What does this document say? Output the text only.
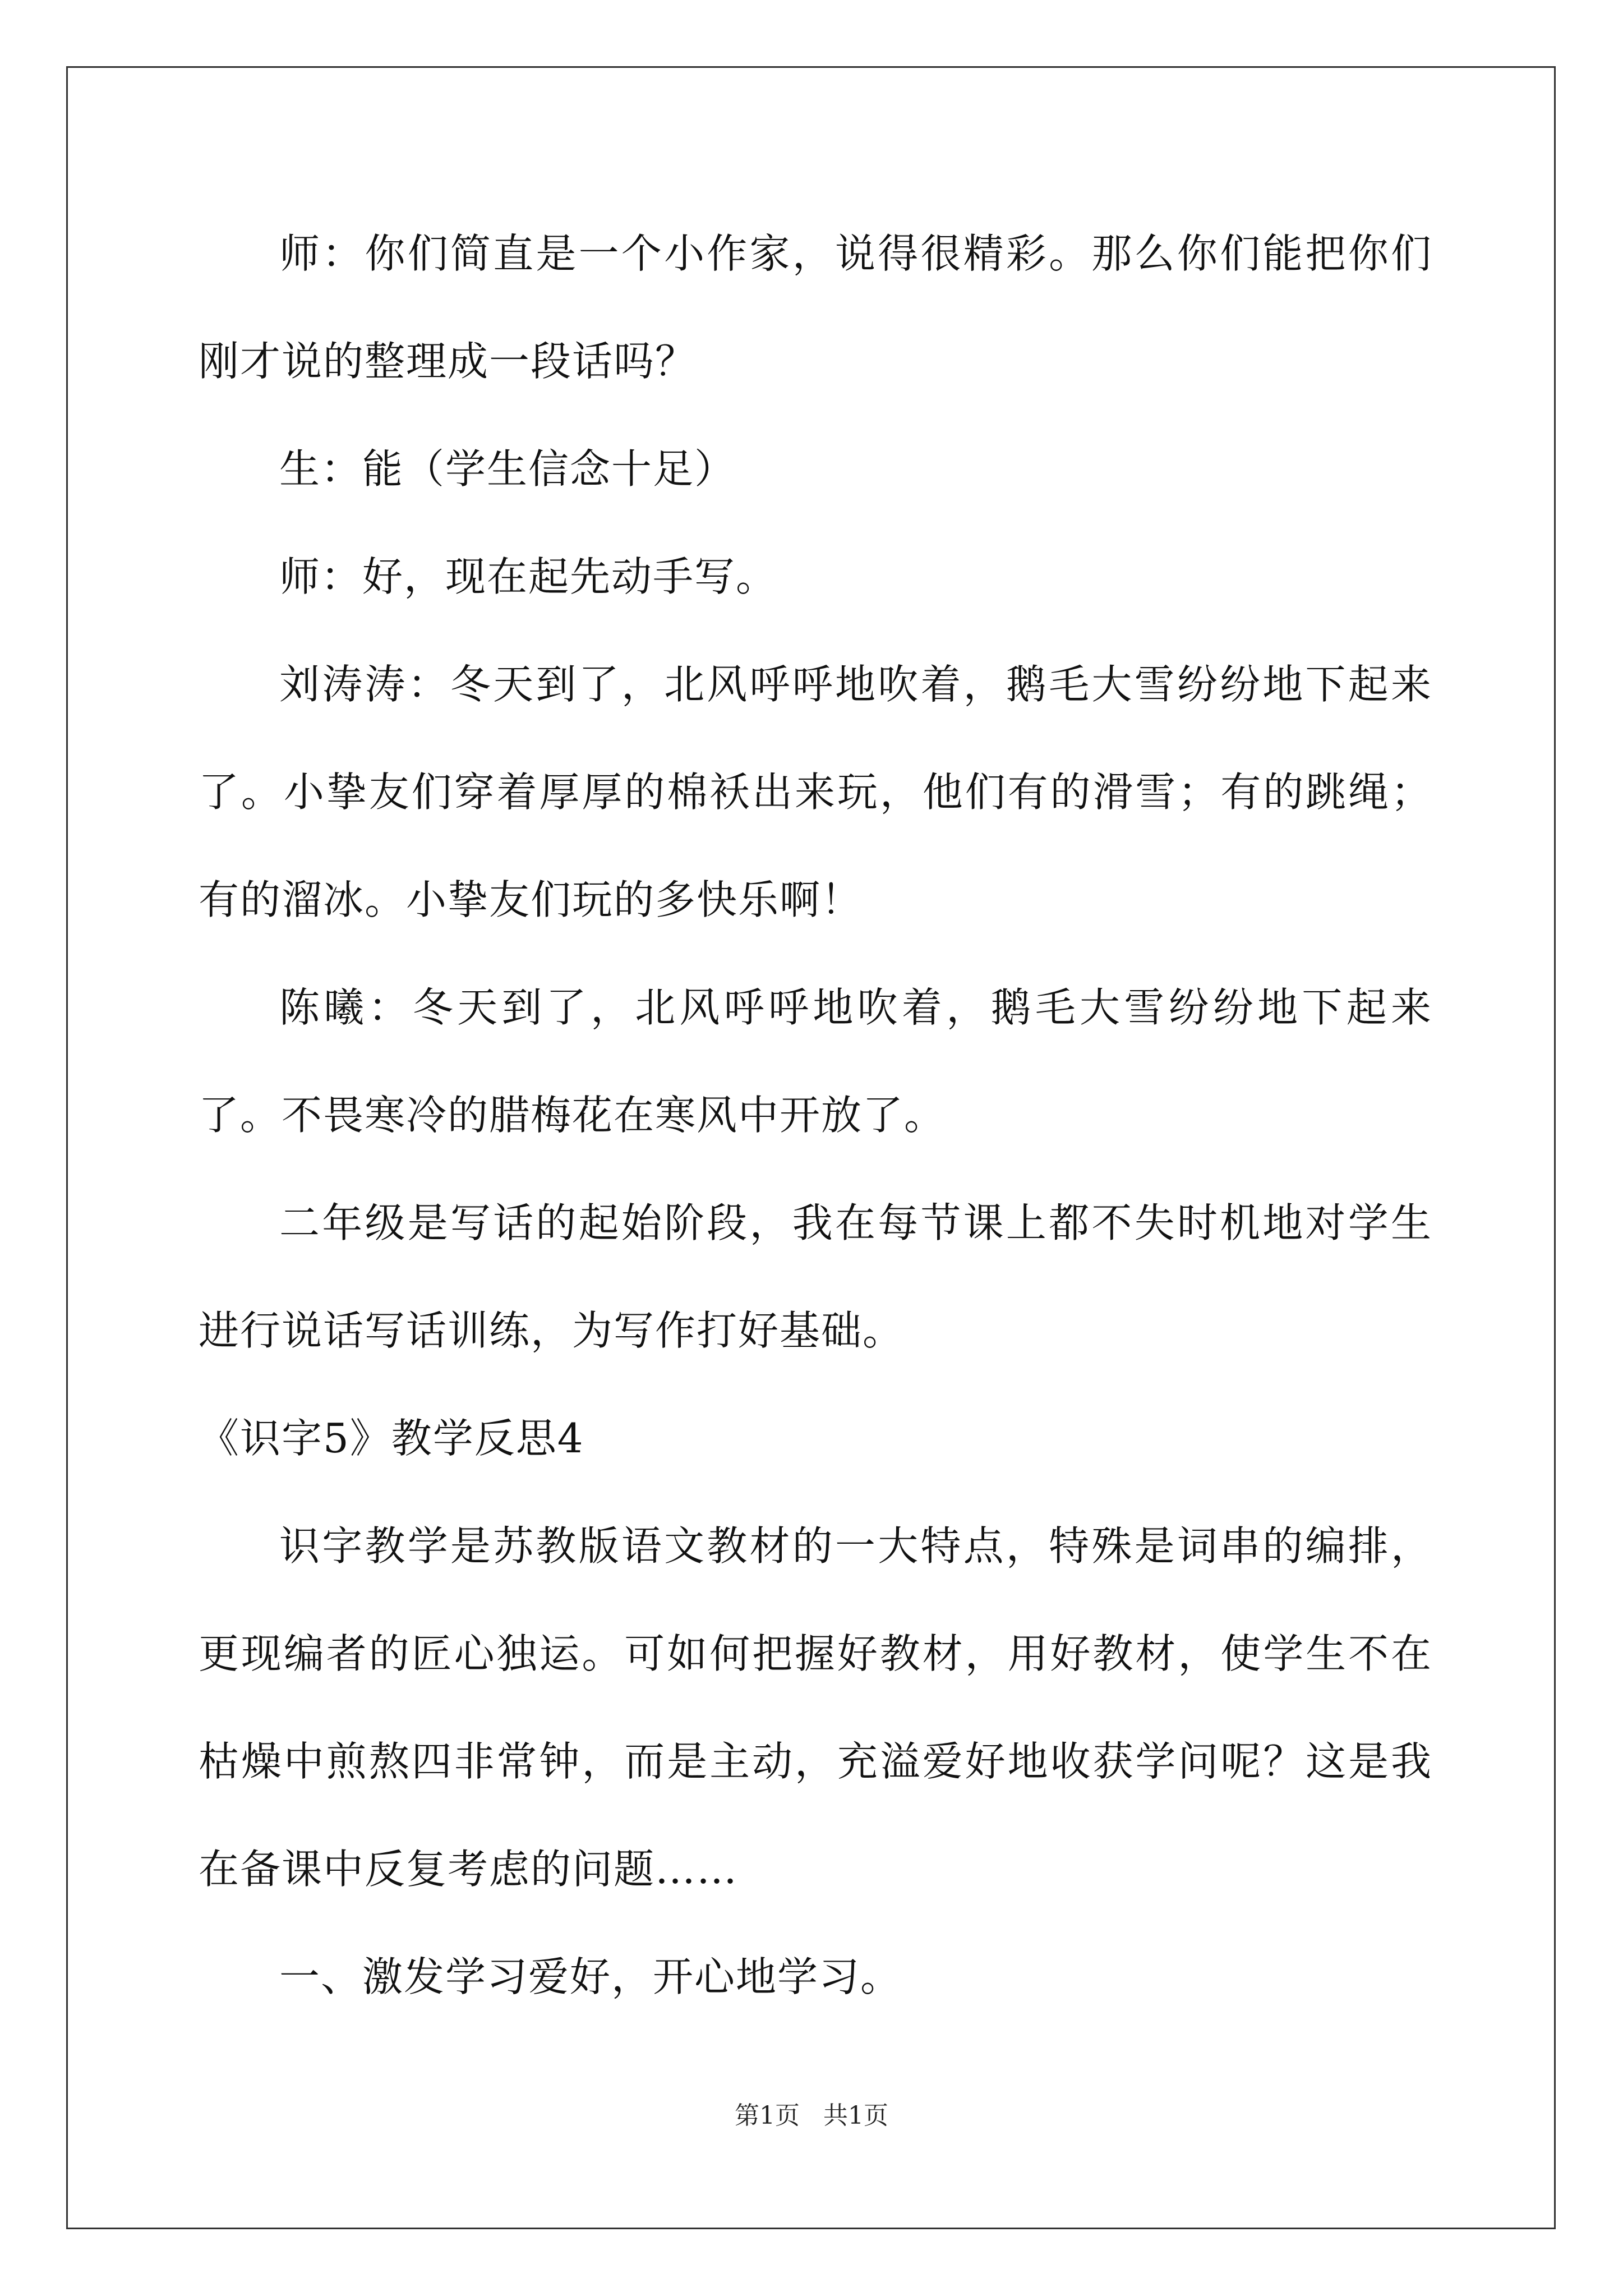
师：你们简直是一个小作家，说得很精彩。那么你们能把你们刚才说的整理成一段话吗？

生：能（学生信念十足）

师：好，现在起先动手写。

刘涛涛：冬天到了，北风呼呼地吹着，鹅毛大雪纷纷地下起来了。小挚友们穿着厚厚的棉袄出来玩，他们有的滑雪；有的跳绳；有的溜冰。小挚友们玩的多快乐啊！

陈曦：冬天到了，北风呼呼地吹着，鹅毛大雪纷纷地下起来了。不畏寒冷的腊梅花在寒风中开放了。

二年级是写话的起始阶段，我在每节课上都不失时机地对学生进行说话写话训练，为写作打好基础。

《识字5》教学反思4

识字教学是苏教版语文教材的一大特点，特殊是词串的编排，更现编者的匠心独运。可如何把握好教材，用好教材，使学生不在枯燥中煎熬四非常钟，而是主动，充溢爱好地收获学问呢？这是我在备课中反复考虑的问题……

一、激发学习爱好，开心地学习。

第1页 共1页
